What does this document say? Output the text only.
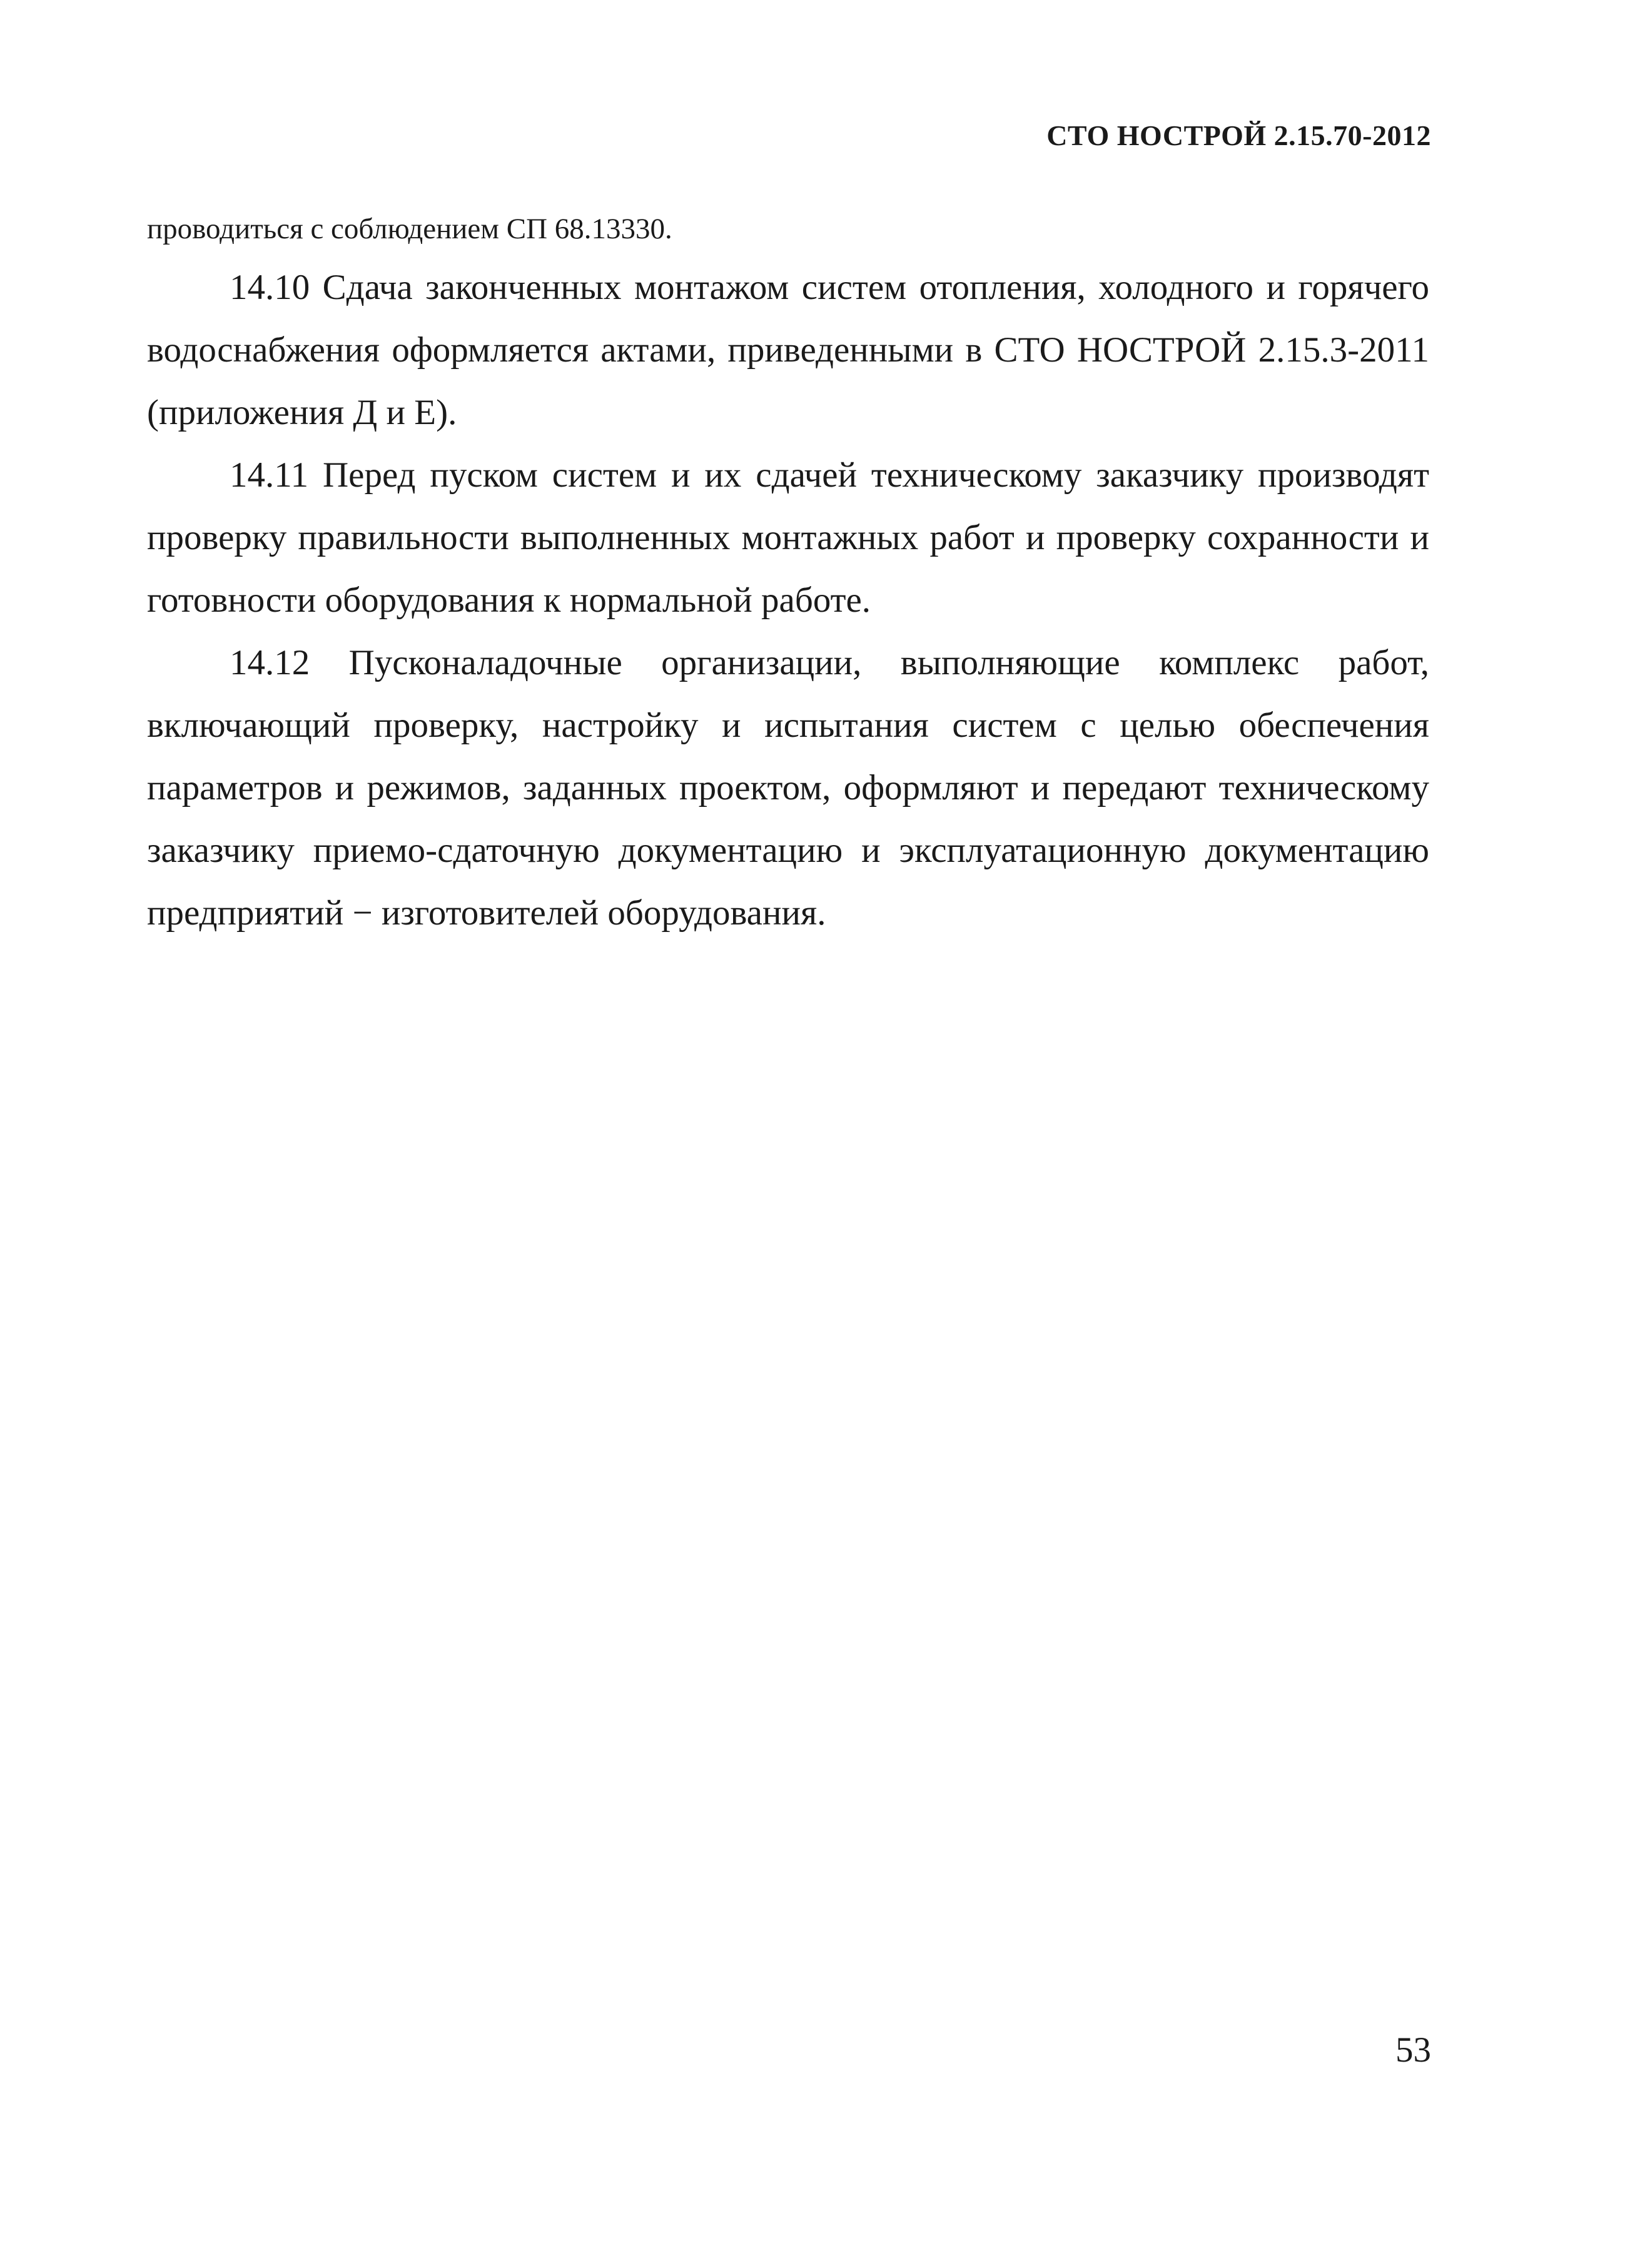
СТО НОСТРОЙ 2.15.70-2012

проводиться с соблюдением СП 68.13330.

14.10 Сдача законченных монтажом систем отопления, холодного и горячего водоснабжения оформляется актами, приведенными в СТО НОСТРОЙ 2.15.3-2011 (приложения Д и Е).

14.11 Перед пуском систем и их сдачей техническому заказчику производят проверку правильности выполненных монтажных работ и проверку сохранности и готовности оборудования к нормальной работе.

14.12 Пусконаладочные организации, выполняющие комплекс работ, включающий проверку, настройку и испытания систем с целью обеспечения параметров и режимов, заданных проектом, оформляют и передают техническому заказчику приемо-сдаточную документацию и эксплуатационную документацию предприятий − изготовителей оборудования.

53
